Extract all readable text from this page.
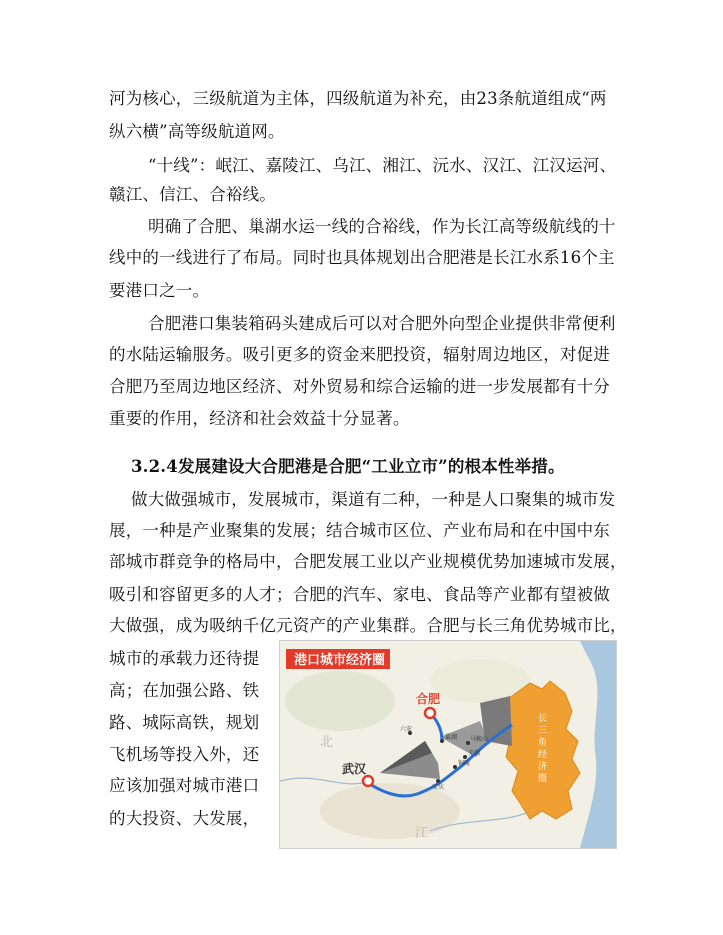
河为核心，三级航道为主体，四级航道为补充，由23条航道组成“两
纵六横”高等级航道网。
“十线”：岷江、嘉陵江、乌江、湘江、沅水、汉江、江汉运河、
赣江、信江、合裕线。
明确了合肥、巢湖水运一线的合裕线，作为长江高等级航线的十
线中的一线进行了布局。同时也具体规划出合肥港是长江水系16个主
要港口之一。
合肥港口集装箱码头建成后可以对合肥外向型企业提供非常便利
的水陆运输服务。吸引更多的资金来肥投资，辐射周边地区，对促进
合肥乃至周边地区经济、对外贸易和综合运输的进一步发展都有十分
重要的作用，经济和社会效益十分显著。
3.2.4发展建设大合肥港是合肥“工业立市”的根本性举措。
做大做强城市，发展城市，渠道有二种，一种是人口聚集的城市发
展，一种是产业聚集的发展；结合城市区位、产业布局和在中国中东
部城市群竞争的格局中，合肥发展工业以产业规模优势加速城市发展，
吸引和容留更多的人才；合肥的汽车、家电、食品等产业都有望被做
大做强，成为吸纳千亿元资产的产业集群。合肥与长三角优势城市比，
城市的承载力还待提
高；在加强公路、铁
路、城际高铁，规划
飞机场等投入外，还
应该加强对城市港口
的大投资、大发展，
港口城市经济圈
合肥
武汉
六安
巢湖 马鞍山
芜湖
铜陵
安庆
北
江
长
三
角
经
济
圈
